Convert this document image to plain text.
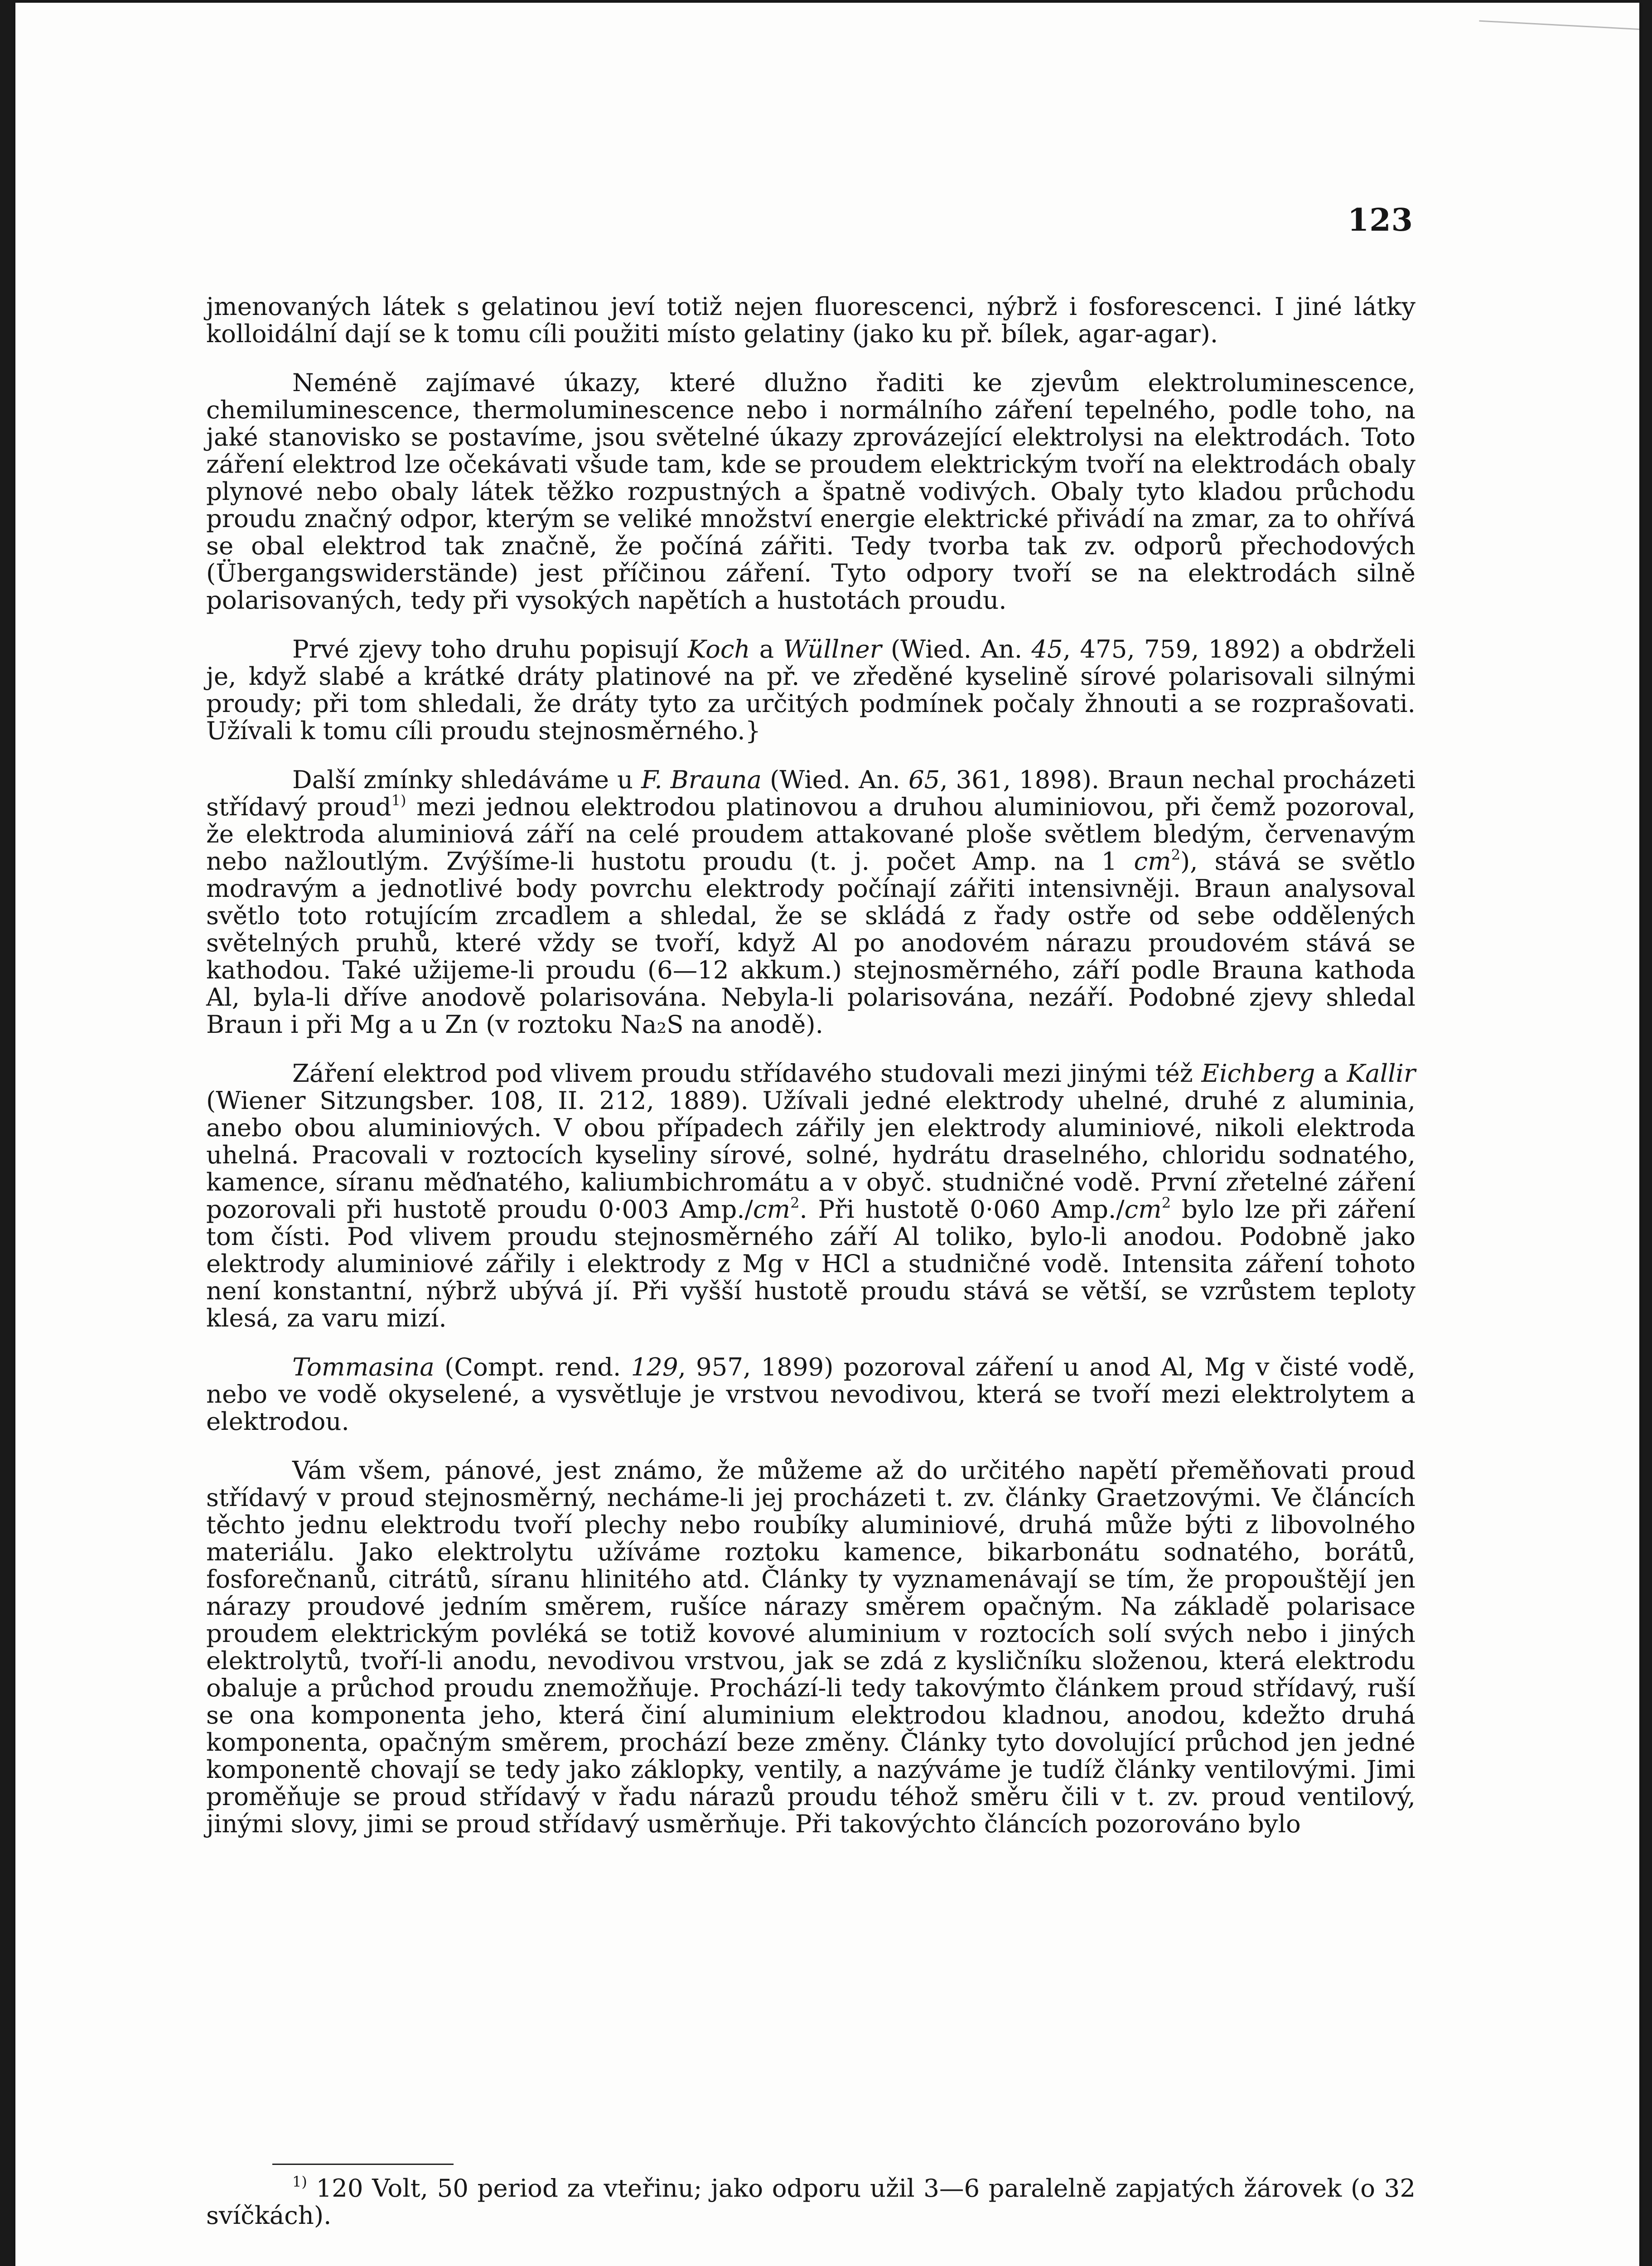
123

jmenovaných látek s gelatinou jeví totiž nejen fluorescenci, nýbrž i fosforescenci. I jiné látky kolloidální dají se k tomu cíli použiti místo gelatiny (jako ku př. bílek, agar-agar).

Neméně zajímavé úkazy, které dlužno řaditi ke zjevům elektroluminescence, chemiluminescence, thermoluminescence nebo i normálního záření tepelného, podle toho, na jaké stanovisko se postavíme, jsou světelné úkazy zprovázející elektrolysi na elektrodách. Toto záření elektrod lze očekávati všude tam, kde se proudem elektrickým tvoří na elektrodách obaly plynové nebo obaly látek těžko rozpustných a špatně vodivých. Obaly tyto kladou průchodu proudu značný odpor, kterým se veliké množství energie elektrické přivádí na zmar, za to ohřívá se obal elektrod tak značně, že počíná zářiti. Tedy tvorba tak zv. odporů přechodových (Übergangswiderstände) jest příčinou záření. Tyto odpory tvoří se na elektrodách silně polarisovaných, tedy při vysokých napětích a hustotách proudu.

Prvé zjevy toho druhu popisují Koch a Wüllner (Wied. An. 45, 475, 759, 1892) a obdrželi je, když slabé a krátké dráty platinové na př. ve zředěné kyselině sírové polarisovali silnými proudy; při tom shledali, že dráty tyto za určitých podmínek počaly žhnouti a se rozprašovati. Užívali k tomu cíli proudu stejnosměrného.}

Další zmínky shledáváme u F. Brauna (Wied. An. 65, 361, 1898). Braun nechal procházeti střídavý proud$^{1)}$ mezi jednou elektrodou platinovou a druhou aluminiovou, při čemž pozoroval, že elektroda aluminiová září na celé proudem attakované ploše světlem bledým, červenavým nebo nažloutlým. Zvýšíme-li hustotu proudu (t. j. počet Amp. na 1 cm$^2$), stává se světlo modravým a jednotlivé body povrchu elektrody počínají zářiti intensivněji. Braun analysoval světlo toto rotujícím zrcadlem a shledal, že se skládá z řady ostře od sebe oddělených světelných pruhů, které vždy se tvoří, když Al po anodovém nárazu proudovém stává se kathodou. Také užijeme-li proudu (6—12 akkum.) stejnosměrného, září podle Brauna kathoda Al, byla-li dříve anodově polarisována. Nebyla-li polarisována, nezáří. Podobné zjevy shledal Braun i při Mg a u Zn (v roztoku Na₂S na anodě).

Záření elektrod pod vlivem proudu střídavého studovali mezi jinými též Eichberg a Kallir (Wiener Sitzungsber. 108, II. 212, 1889). Užívali jedné elektrody uhelné, druhé z aluminia, anebo obou aluminiových. V obou případech zářily jen elektrody aluminiové, nikoli elektroda uhelná. Pracovali v roztocích kyseliny sírové, solné, hydrátu draselného, chloridu sodnatého, kamence, síranu měďnatého, kaliumbichromátu a v obyč. studničné vodě. První zřetelné záření pozorovali při hustotě proudu 0·003 Amp./cm$^2$. Při hustotě 0·060 Amp./cm$^2$ bylo lze při záření tom čísti. Pod vlivem proudu stejnosměrného září Al toliko, bylo-li anodou. Podobně jako elektrody aluminiové zářily i elektrody z Mg v HCl a studničné vodě. Intensita záření tohoto není konstantní, nýbrž ubývá jí. Při vyšší hustotě proudu stává se větší, se vzrůstem teploty klesá, za varu mizí.

Tommasina (Compt. rend. 129, 957, 1899) pozoroval záření u anod Al, Mg v čisté vodě, nebo ve vodě okyselené, a vysvětluje je vrstvou nevodivou, která se tvoří mezi elektrolytem a elektrodou.

Vám všem, pánové, jest známo, že můžeme až do určitého napětí přeměňovati proud střídavý v proud stejnosměrný, necháme-li jej procházeti t. zv. články Graetzovými. Ve článcích těchto jednu elektrodu tvoří plechy nebo roubíky aluminiové, druhá může býti z libovolného materiálu. Jako elektrolytu užíváme roztoku kamence, bikarbonátu sodnatého, borátů, fosforečnanů, citrátů, síranu hlinitého atd. Články ty vyznamenávají se tím, že propouštějí jen nárazy proudové jedním směrem, rušíce nárazy směrem opačným. Na základě polarisace proudem elektrickým povléká se totiž kovové aluminium v roztocích solí svých nebo i jiných elektrolytů, tvoří-li anodu, nevodivou vrstvou, jak se zdá z kysličníku složenou, která elektrodu obaluje a průchod proudu znemožňuje. Prochází-li tedy takovýmto článkem proud střídavý, ruší se ona komponenta jeho, která činí aluminium elektrodou kladnou, anodou, kdežto druhá komponenta, opačným směrem, prochází beze změny. Články tyto dovolující průchod jen jedné komponentě chovají se tedy jako záklopky, ventily, a nazýváme je tudíž články ventilovými. Jimi proměňuje se proud střídavý v řadu nárazů proudu téhož směru čili v t. zv. proud ventilový, jinými slovy, jimi se proud střídavý usměrňuje. Při takovýchto článcích pozorováno bylo

$^{1)}$ 120 Volt, 50 period za vteřinu; jako odporu užil 3—6 paralelně zapjatých žárovek (o 32 svíčkách).
